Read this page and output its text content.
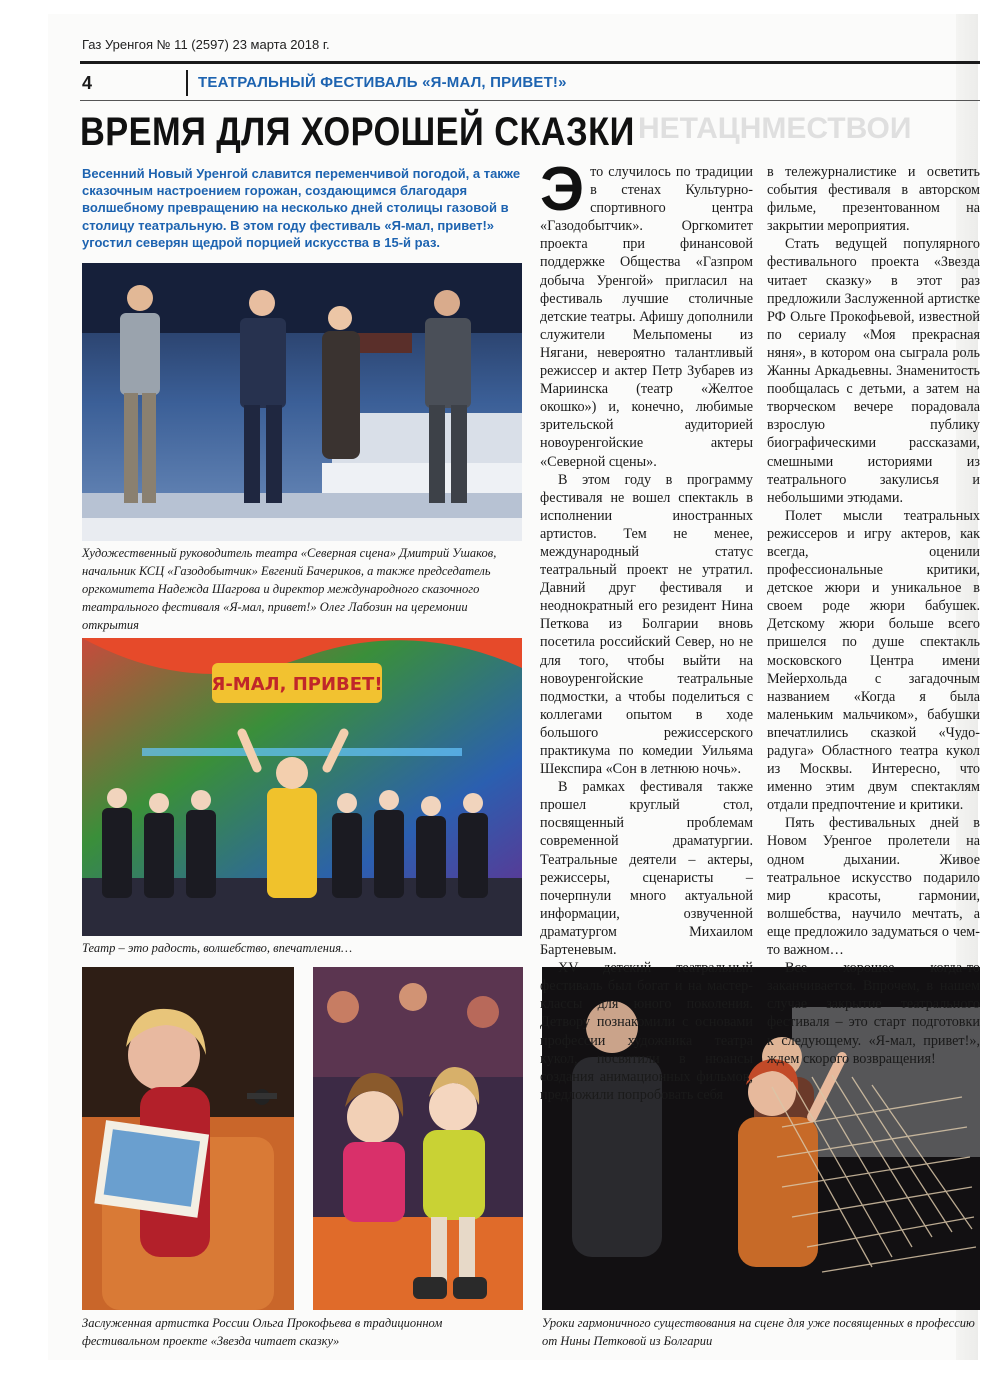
Газ Уренгоя № 11 (2597) 23 марта 2018 г.
4	ТЕАТРАЛЬНЫЙ ФЕСТИВАЛЬ «Я-МАЛ, ПРИВЕТ!»
ВРЕМЯ ДЛЯ ХОРОШЕЙ СКАЗКИ НЕТАЦНМЕСТВОИ
Весенний Новый Уренгой славится переменчивой погодой, а также сказочным настроением горожан, создающимся благодаря волшебному превращению на несколько дней столицы газовой в столицу театральную. В этом году фестиваль «Я-мал, привет!» угостил северян щедрой порцией искусства в 15-й раз.
Художественный руководитель театра «Северная сцена» Дмитрий Ушаков, начальник КСЦ «Газодобытчик» Евгений Бачериков, а также председатель оргкомитета Надежда Шагрова и директор международного сказочного театрального фестиваля «Я-мал, привет!» Олег Лабозин на церемонии открытия
Я-МАЛ, ПРИВЕТ!
Театр – это радость, волшебство, впечатления…
Заслуженная артистка России Ольга Прокофьева в традиционном фестивальном проекте «Звезда читает сказку»
Уроки гармоничного существования на сцене для уже посвященных в профессию от Нины Петковой из Болгарии

Это случилось по традиции в стенах Культурно-спортивного центра «Газодобытчик». Оргкомитет проекта при финансовой поддержке Общества «Газпром добыча Уренгой» пригласил на фестиваль лучшие столичные детские театры. Афишу дополнили служители Мельпомены из Нягани, невероятно талантливый режиссер и актер Петр Зубарев из Мариинска (театр «Желтое окошко») и, конечно, любимые зрительской аудиторией новоуренгойские актеры «Северной сцены».

В этом году в программу фестиваля не вошел спектакль в исполнении иностранных артистов. Тем не менее, международный статус театральный проект не утратил. Давний друг фестиваля и неоднократный его резидент Нина Петкова из Болгарии вновь посетила российский Север, но не для того, чтобы выйти на новоуренгойские театральные подмостки, а чтобы поделиться с коллегами опытом в ходе большого режиссерского практикума по комедии Уильяма Шекспира «Сон в летнюю ночь».

В рамках фестиваля также прошел круглый стол, посвященный проблемам современной драматургии. Театральные деятели – актеры, режиссеры, сценаристы – почерпнули много актуальной информации, озвученной драматургом Михаилом Бартеневым.

XV детский театральный фестиваль был богат и на мастер-классы для юного поколения. Детвору познакомили с основами профессии художника театра кукол, посвятили в нюансы создания анимационных фильмов, предложили попробовать себя

в тележурналистике и осветить события фестиваля в авторском фильме, презентованном на закрытии мероприятия.

Стать ведущей популярного фестивального проекта «Звезда читает сказку» в этот раз предложили Заслуженной артистке РФ Ольге Прокофьевой, известной по сериалу «Моя прекрасная няня», в котором она сыграла роль Жанны Аркадьевны. Знаменитость пообщалась с детьми, а затем на творческом вечере порадовала взрослую публику биографическими рассказами, смешными историями из театрального закулисья и небольшими этюдами.

Полет мысли театральных режиссеров и игру актеров, как всегда, оценили профессиональные критики, детское жюри и уникальное в своем роде жюри бабушек. Детскому жюри больше всего пришелся по душе спектакль московского Центра имени Мейерхольда с загадочным названием «Когда я была маленьким мальчиком», бабушки впечатлились сказкой «Чудо-радуга» Областного театра кукол из Москвы. Интересно, что именно этим двум спектаклям отдали предпочтение и критики.

Пять фестивальных дней в Новом Уренгое пролетели на одном дыхании. Живое театральное искусство подарило мир красоты, гармонии, волшебства, научило мечтать, а еще предложило задуматься о чем-то важном…

Все хорошее когда-то заканчивается. Впрочем, в нашем случае закрытие театрального фестиваля – это старт подготовки к следующему. «Я-мал, привет!», ждем скорого возвращения!
